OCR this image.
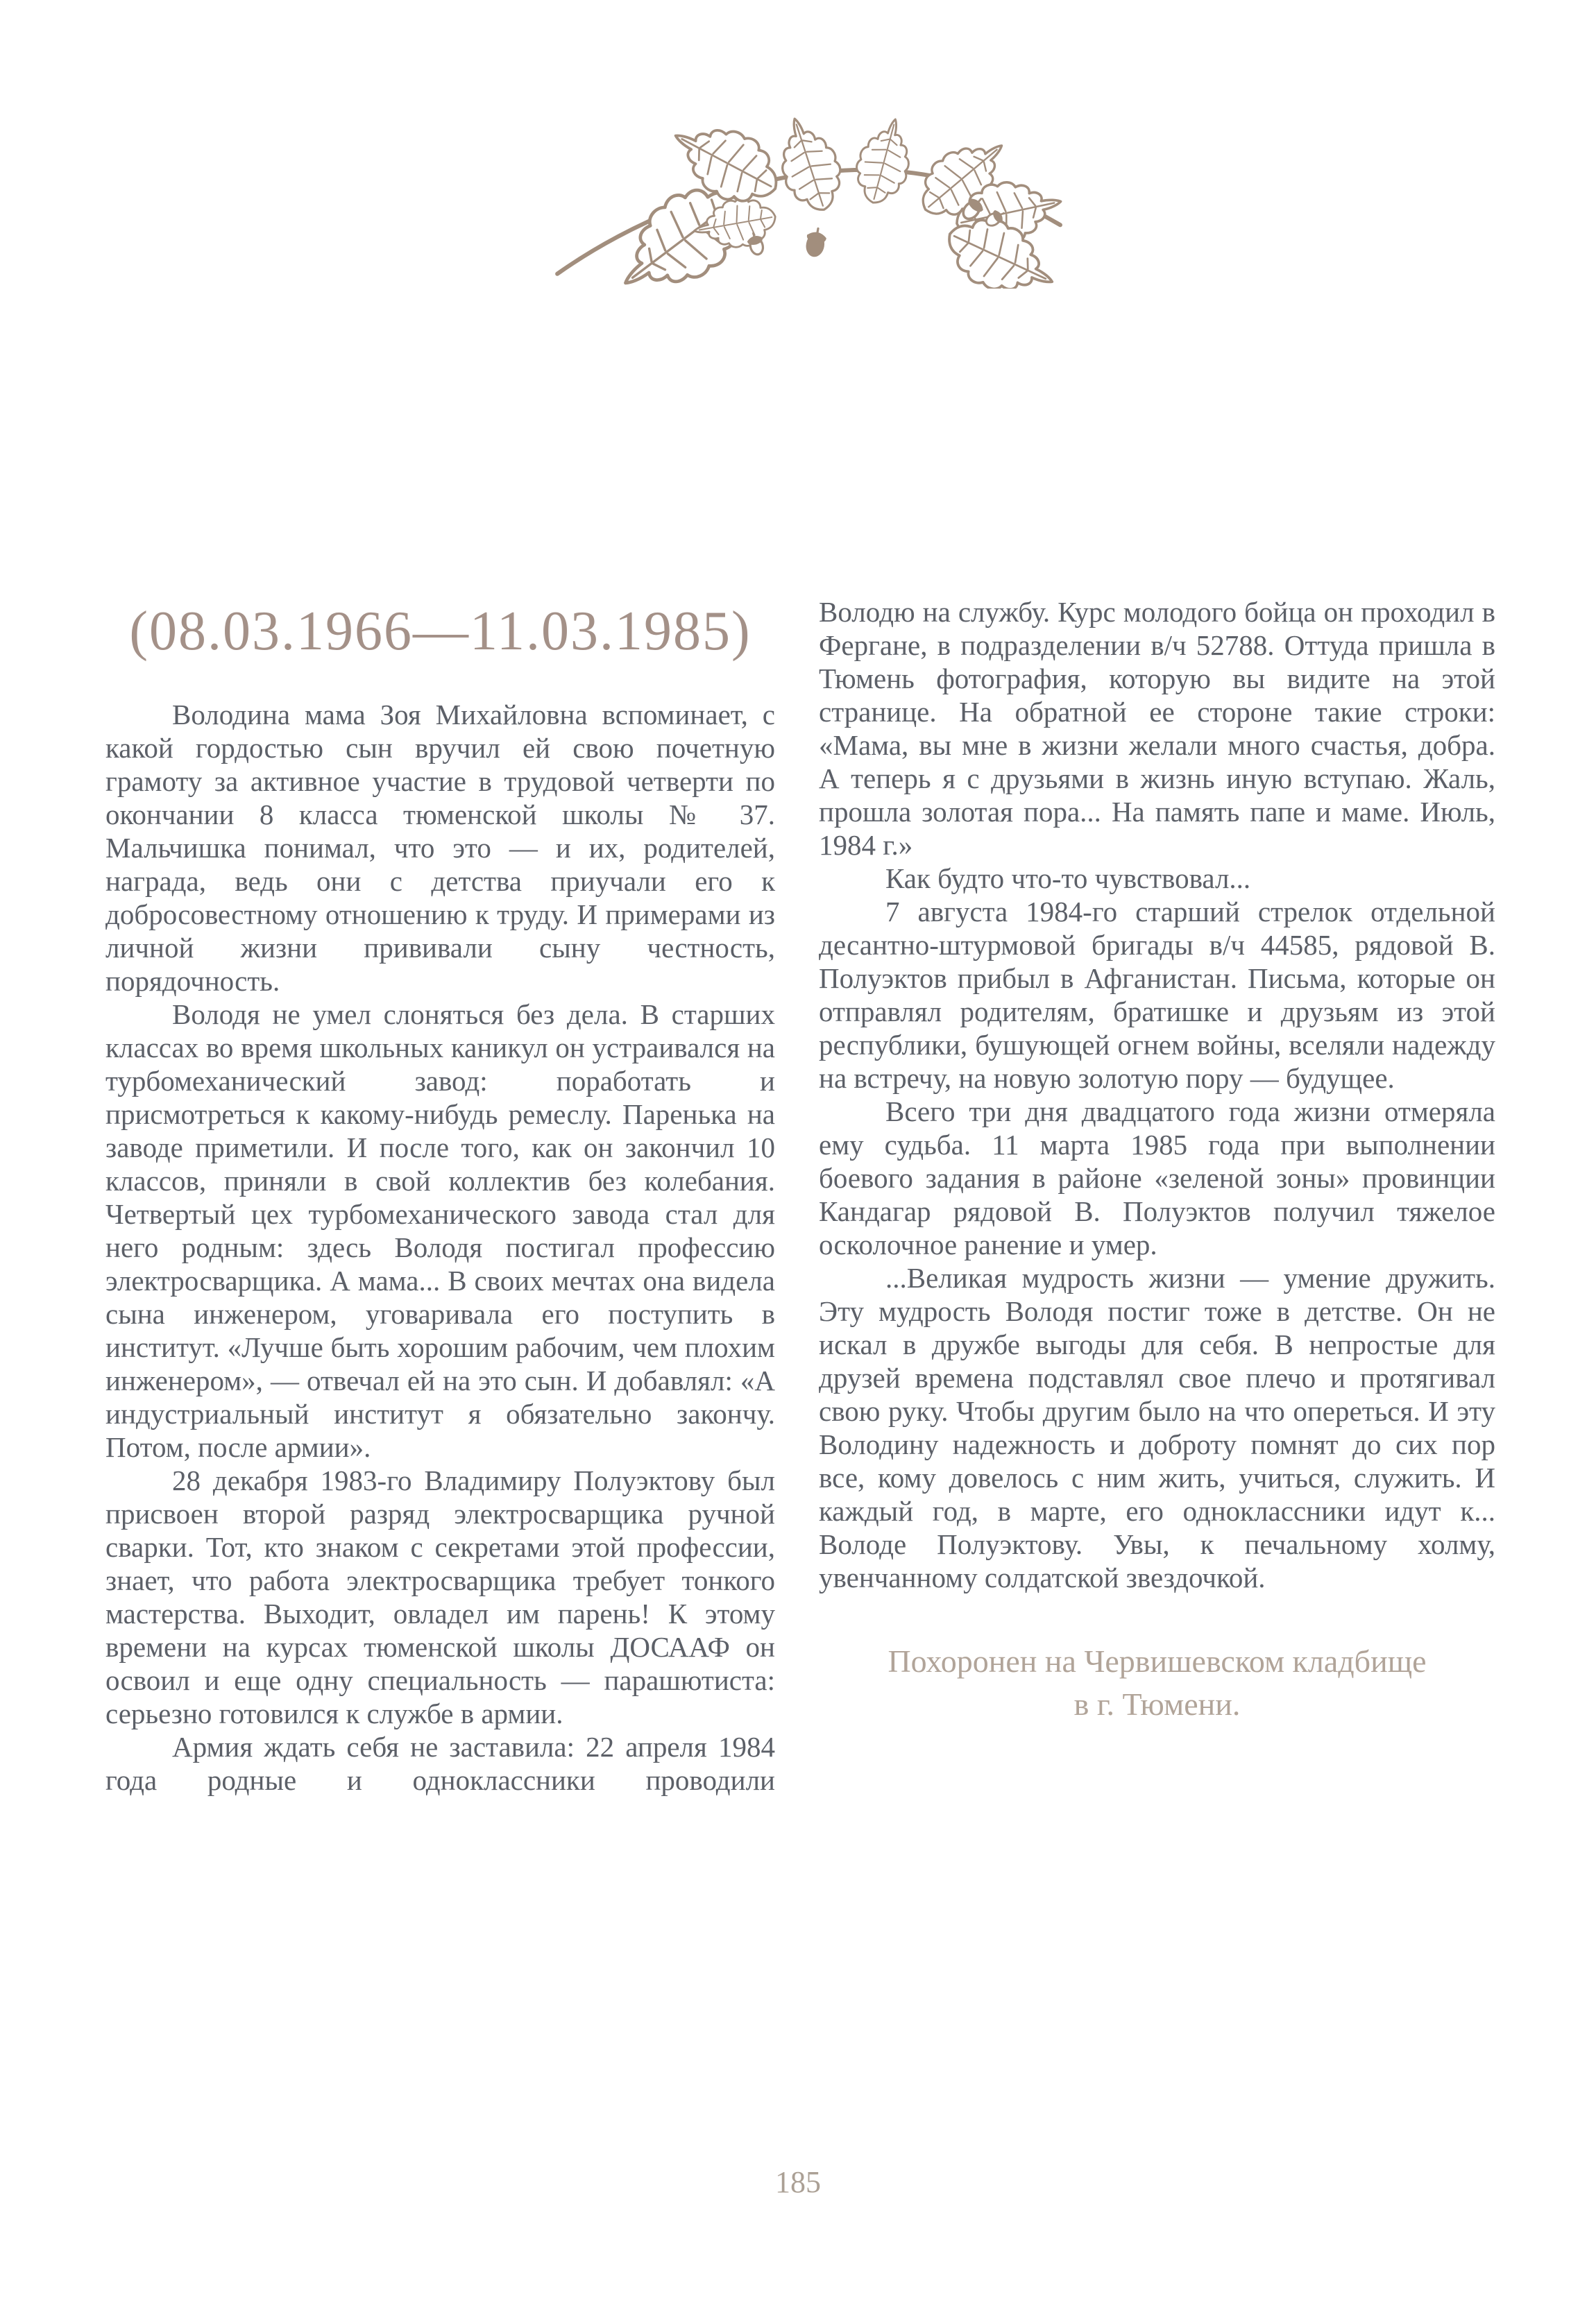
(08.03.1966—11.03.1985)

Володина мама Зоя Михайловна вспоминает, с какой гордостью сын вручил ей свою почетную грамоту за активное участие в трудовой четверти по окончании 8 класса тюменской школы № 37. Мальчишка понимал, что это — и их, родителей, награда, ведь они с детства приучали его к добросовестному отношению к труду. И примерами из личной жизни прививали сыну честность, порядочность.

Володя не умел слоняться без дела. В старших классах во время школьных каникул он устраивался на турбомеханический завод: поработать и присмотреться к какому-нибудь ремеслу. Паренька на заводе приметили. И после того, как он закончил 10 классов, приняли в свой коллектив без колебания. Четвертый цех турбомеханического завода стал для него родным: здесь Володя постигал профессию электросварщика. А мама... В своих мечтах она видела сына инженером, уговаривала его поступить в институт. «Лучше быть хорошим рабочим, чем плохим инженером», — отвечал ей на это сын. И добавлял: «А индустриальный институт я обязательно закончу. Потом, после армии».

28 декабря 1983-го Владимиру Полуэктову был присвоен второй разряд электросварщика ручной сварки. Тот, кто знаком с секретами этой профессии, знает, что работа электросварщика требует тонкого мастерства. Выходит, овладел им парень! К этому времени на курсах тюменской школы ДОСААФ он освоил и еще одну специальность — парашютиста: серьезно готовился к службе в армии.

Армия ждать себя не заставила: 22 апреля 1984 года родные и одноклассники проводили

Володю на службу. Курс молодого бойца он проходил в Фергане, в подразделении в/ч 52788. Оттуда пришла в Тюмень фотография, которую вы видите на этой странице. На обратной ее стороне такие строки: «Мама, вы мне в жизни желали много счастья, добра. А теперь я с друзьями в жизнь иную вступаю. Жаль, прошла золотая пора... На память папе и маме. Июль, 1984 г.»

Как будто что-то чувствовал...

7 августа 1984-го старший стрелок отдельной десантно-штурмовой бригады в/ч 44585, рядовой В. Полуэктов прибыл в Афганистан. Письма, которые он отправлял родителям, братишке и друзьям из этой республики, бушующей огнем войны, вселяли надежду на встречу, на новую золотую пору — будущее.

Всего три дня двадцатого года жизни отмеряла ему судьба. 11 марта 1985 года при выполнении боевого задания в районе «зеленой зоны» провинции Кандагар рядовой В. Полуэктов получил тяжелое осколочное ранение и умер.

...Великая мудрость жизни — умение дружить. Эту мудрость Володя постиг тоже в детстве. Он не искал в дружбе выгоды для себя. В непростые для друзей времена подставлял свое плечо и протягивал свою руку. Чтобы другим было на что опереться. И эту Володину надежность и доброту помнят до сих пор все, кому довелось с ним жить, учиться, служить. И каждый год, в марте, его одноклассники идут к... Володе Полуэктову. Увы, к печальному холму, увенчанному солдатской звездочкой.

Похоронен на Червишевском кладбище
в г. Тюмени.
185
